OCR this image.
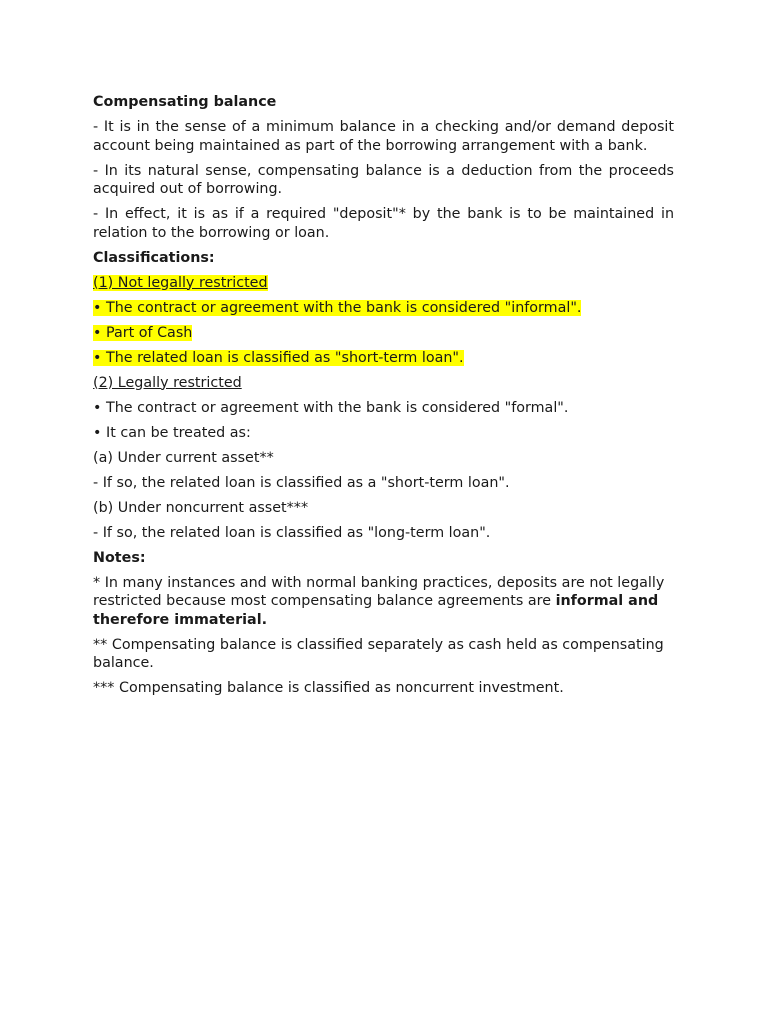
Compensating balance
- It is in the sense of a minimum balance in a checking and/or demand deposit account being maintained as part of the borrowing arrangement with a bank.
- In its natural sense, compensating balance is a deduction from the proceeds acquired out of borrowing.
- In effect, it is as if a required "deposit"* by the bank is to be maintained in relation to the borrowing or loan.
Classifications:
(1) Not legally restricted
• The contract or agreement with the bank is considered "informal".
• Part of Cash
• The related loan is classified as "short-term loan".
(2) Legally restricted
• The contract or agreement with the bank is considered "formal".
• It can be treated as:
(a) Under current asset**
- If so, the related loan is classified as a "short-term loan".
(b) Under noncurrent asset***
- If so, the related loan is classified as "long-term loan".
Notes:
* In many instances and with normal banking practices, deposits are not legally restricted because most compensating balance agreements are informal and therefore immaterial.
** Compensating balance is classified separately as cash held as compensating balance.
*** Compensating balance is classified as noncurrent investment.
